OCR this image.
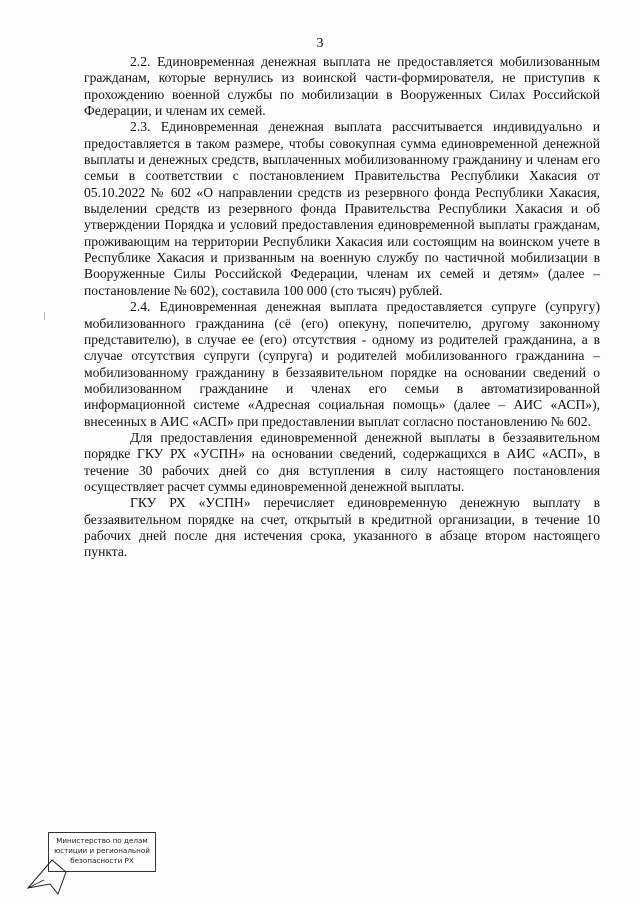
3

2.2. Единовременная денежная выплата не предоставляется мобилизованным гражданам, которые вернулись из воинской части-формирователя, не приступив к прохождению военной службы по мобилизации в Вооруженных Силах Российской Федерации, и членам их семей.

2.3. Единовременная денежная выплата рассчитывается индивидуально и предоставляется в таком размере, чтобы совокупная сумма единовременной денежной выплаты и денежных средств, выплаченных мобилизованному гражданину и членам его семьи в соответствии с постановлением Правительства Республики Хакасия от 05.10.2022 № 602 «О направлении средств из резервного фонда Республики Хакасия, выделении средств из резервного фонда Правительства Республики Хакасия и об утверждении Порядка и условий предоставления единовременной выплаты гражданам, проживающим на территории Республики Хакасия или состоящим на воинском учете в Республике Хакасия и призванным на военную службу по частичной мобилизации в Вооруженные Силы Российской Федерации, членам их семей и детям» (далее – постановление № 602), составила 100 000 (сто тысяч) рублей.

2.4. Единовременная денежная выплата предоставляется супруге (супругу) мобилизованного гражданина (сё (его) опекуну, попечителю, другому законному представителю), в случае ее (его) отсутствия - одному из родителей гражданина, а в случае отсутствия супруги (супруга) и родителей мобилизованного гражданина – мобилизованному гражданину в беззаявительном порядке на основании сведений о мобилизованном гражданине и членах его семьи в автоматизированной информационной системе «Адресная социальная помощь» (далее – АИС «АСП»), внесенных в АИС «АСП» при предоставлении выплат согласно постановлению № 602.

Для предоставления единовременной денежной выплаты в беззаявительном порядке ГКУ РХ «УСПН» на основании сведений, содержащихся в АИС «АСП», в течение 30 рабочих дней со дня вступления в силу настоящего постановления осуществляет расчет суммы единовременной денежной выплаты.

ГКУ РХ «УСПН» перечисляет единовременную денежную выплату в беззаявительном порядке на счет, открытый в кредитной организации, в течение 10 рабочих дней после дня истечения срока, указанного в абзаце втором настоящего пункта.

Министерство по делам
юстиции и региональной
безопасности РХ
